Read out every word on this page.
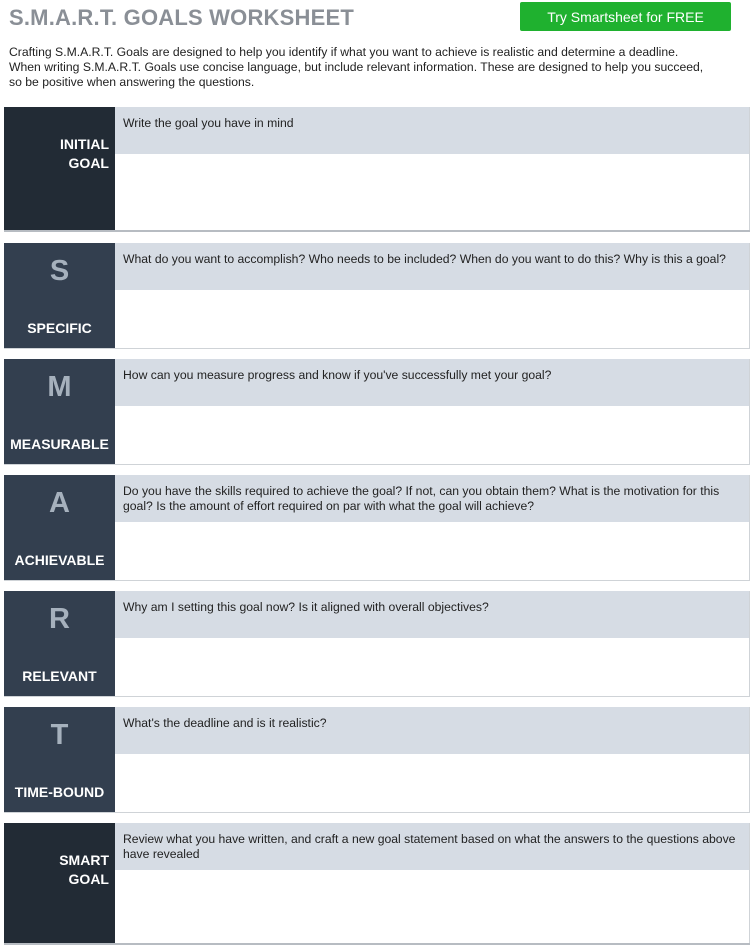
S.M.A.R.T. GOALS WORKSHEET	Try Smartsheet for FREE

Crafting S.M.A.R.T. Goals are designed to help you identify if what you want to achieve is realistic and determine a deadline.

When writing S.M.A.R.T. Goals use concise language, but include relevant information. These are designed to help you succeed,

so be positive when answering the questions.

INITIAL
GOAL
Write the goal you have in mind
S
SPECIFIC
What do you want to accomplish? Who needs to be included? When do you want to do this? Why is this a goal?
M
MEASURABLE
How can you measure progress and know if you've successfully met your goal?
A
ACHIEVABLE
Do you have the skills required to achieve the goal? If not, can you obtain them? What is the motivation for this goal? Is the amount of effort required on par with what the goal will achieve?
R
RELEVANT
Why am I setting this goal now? Is it aligned with overall objectives?
T
TIME-BOUND
What's the deadline and is it realistic?
SMART
GOAL
Review what you have written, and craft a new goal statement based on what the answers to the questions above have revealed
